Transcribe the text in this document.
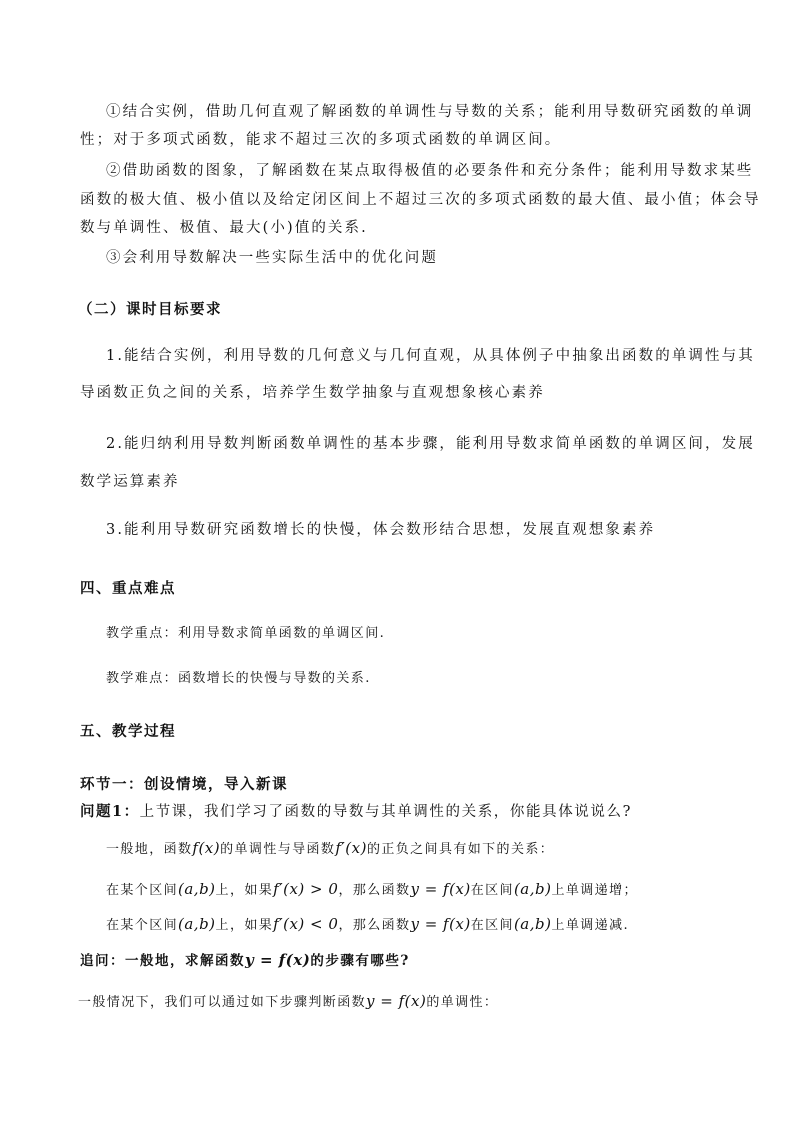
①结合实例，借助几何直观了解函数的单调性与导数的关系；能利用导数研究函数的单调
性；对于多项式函数，能求不超过三次的多项式函数的单调区间。
②借助函数的图象，了解函数在某点取得极值的必要条件和充分条件；能利用导数求某些
函数的极大值、极小值以及给定闭区间上不超过三次的多项式函数的最大值、最小值；体会导
数与单调性、极值、最大(小)值的关系.
③会利用导数解决一些实际生活中的优化问题
（二）课时目标要求
1.能结合实例，利用导数的几何意义与几何直观，从具体例子中抽象出函数的单调性与其
导函数正负之间的关系，培养学生数学抽象与直观想象核心素养
2.能归纳利用导数判断函数单调性的基本步骤，能利用导数求简单函数的单调区间，发展
数学运算素养
3.能利用导数研究函数增长的快慢，体会数形结合思想，发展直观想象素养
四、重点难点
教学重点：利用导数求简单函数的单调区间.
教学难点：函数增长的快慢与导数的关系.
五、教学过程
环节一：创设情境，导入新课
问题1：上节课，我们学习了函数的导数与其单调性的关系，你能具体说说么?
一般地，函数f(x)的单调性与导函数f′(x)的正负之间具有如下的关系：
在某个区间(a,b)上，如果f′(x) > 0，那么函数y = f(x)在区间(a,b)上单调递增；
在某个区间(a,b)上，如果f′(x) < 0，那么函数y = f(x)在区间(a,b)上单调递减.
追问：一般地，求解函数y = f(x)的步骤有哪些?
一般情况下，我们可以通过如下步骤判断函数y = f(x)的单调性：
